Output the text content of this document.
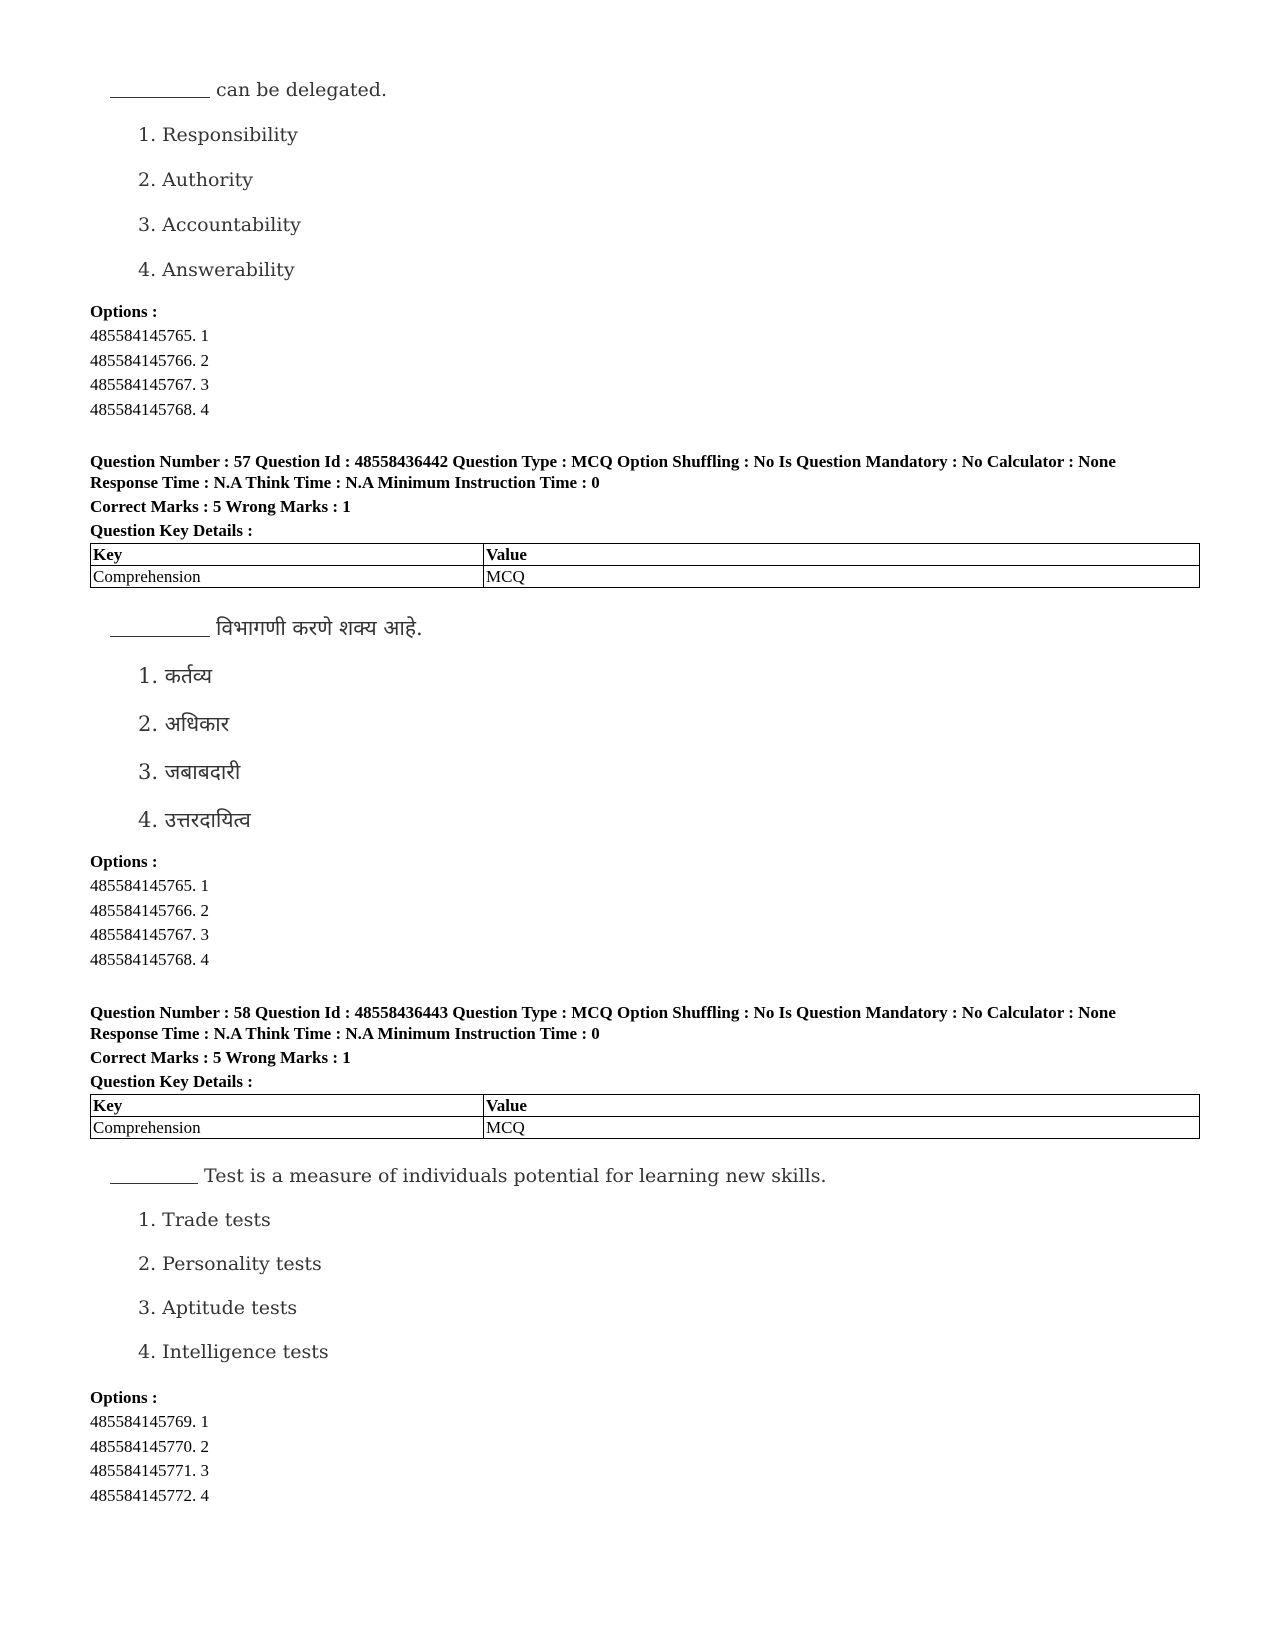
can be delegated.
1. Responsibility
2. Authority
3. Accountability
4. Answerability
Options :
485584145765. 1
485584145766. 2
485584145767. 3
485584145768. 4
Question Number : 57 Question Id : 48558436442 Question Type : MCQ Option Shuffling : No Is Question Mandatory : No Calculator : None
Response Time : N.A Think Time : N.A Minimum Instruction Time : 0
Correct Marks : 5 Wrong Marks : 1
Question Key Details :
Key	Value
Comprehension	MCQ
विभागणी करणे शक्य आहे.
1. कर्तव्य
2. अधिकार
3. जबाबदारी
4. उत्तरदायित्व
Options :
485584145765. 1
485584145766. 2
485584145767. 3
485584145768. 4
Question Number : 58 Question Id : 48558436443 Question Type : MCQ Option Shuffling : No Is Question Mandatory : No Calculator : None
Response Time : N.A Think Time : N.A Minimum Instruction Time : 0
Correct Marks : 5 Wrong Marks : 1
Question Key Details :
Key	Value
Comprehension	MCQ
Test is a measure of individuals potential for learning new skills.
1. Trade tests
2. Personality tests
3. Aptitude tests
4. Intelligence tests
Options :
485584145769. 1
485584145770. 2
485584145771. 3
485584145772. 4
